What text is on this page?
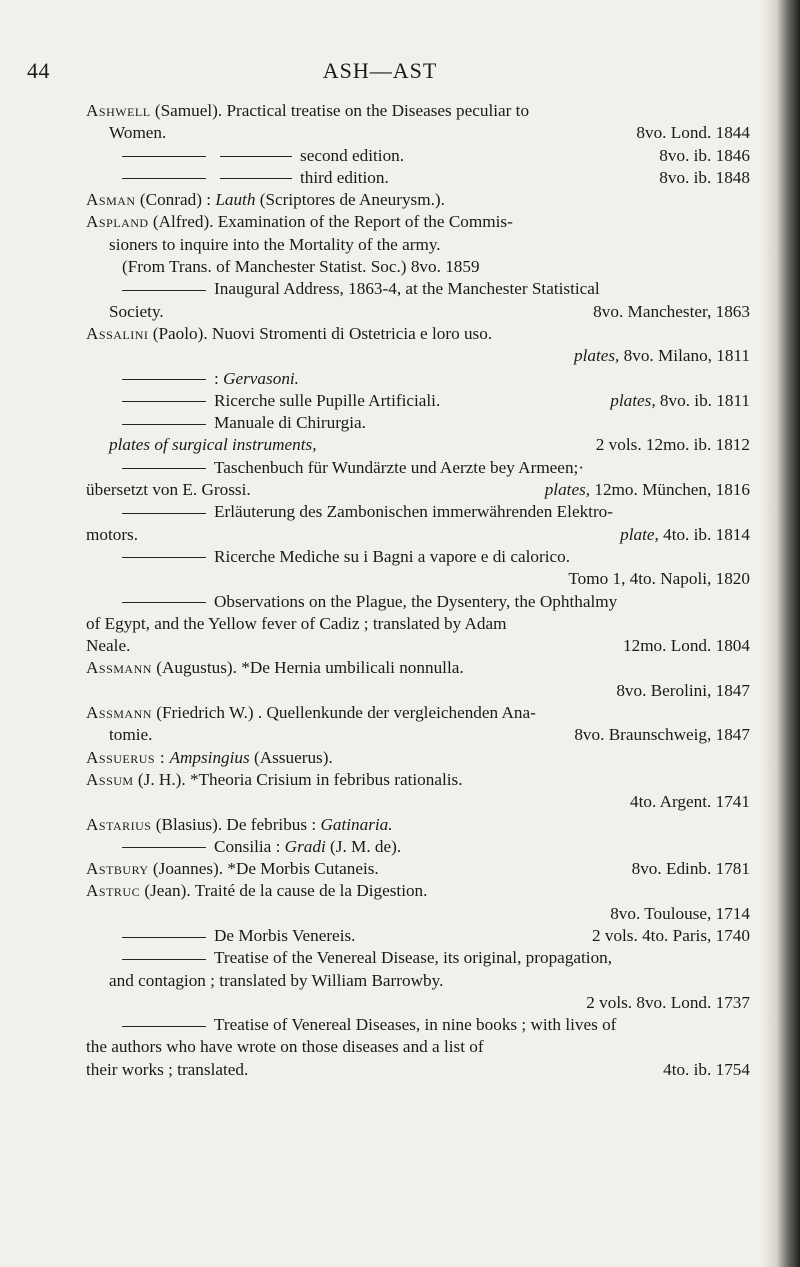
44	ASH—AST
Ashwell (Samuel). Practical treatise on the Diseases peculiar to
Women.	8vo. Lond. 1844
second edition.	8vo. ib. 1846
third edition.	8vo. ib. 1848
Asman (Conrad) : Lauth (Scriptores de Aneurysm.).
Aspland (Alfred). Examination of the Report of the Commis-
sioners to inquire into the Mortality of the army.
(From Trans. of Manchester Statist. Soc.) 8vo. 1859
Inaugural Address, 1863-4, at the Manchester Statistical
Society.	8vo. Manchester, 1863
Assalini (Paolo). Nuovi Stromenti di Ostetricia e loro uso.
plates, 8vo. Milano, 1811
: Gervasoni.
Ricerche sulle Pupille Artificiali.	plates, 8vo. ib. 1811
Manuale di Chirurgia.
plates of surgical instruments,	2 vols. 12mo. ib. 1812
Taschenbuch für Wundärzte und Aerzte bey Armeen;·
übersetzt von E. Grossi.	plates, 12mo. München, 1816
Erläuterung des Zambonischen immerwährenden Elektro-
motors.	plate, 4to. ib. 1814
Ricerche Mediche su i Bagni a vapore e di calorico.
Tomo 1, 4to. Napoli, 1820
Observations on the Plague, the Dysentery, the Ophthalmy
of Egypt, and the Yellow fever of Cadiz ; translated by Adam
Neale.	12mo. Lond. 1804
Assmann (Augustus). *De Hernia umbilicali nonnulla.
8vo. Berolini, 1847
Assmann (Friedrich W.) . Quellenkunde der vergleichenden Ana-
tomie.	8vo. Braunschweig, 1847
Assuerus : Ampsingius (Assuerus).
Assum (J. H.). *Theoria Crisium in febribus rationalis.
4to. Argent. 1741
Astarius (Blasius). De febribus : Gatinaria.
Consilia : Gradi (J. M. de).
Astbury (Joannes). *De Morbis Cutaneis.	8vo. Edinb. 1781
Astruc (Jean). Traité de la cause de la Digestion.
8vo. Toulouse, 1714
De Morbis Venereis.	2 vols. 4to. Paris, 1740
Treatise of the Venereal Disease, its original, propagation,
and contagion ; translated by William Barrowby.
2 vols. 8vo. Lond. 1737
Treatise of Venereal Diseases, in nine books ; with lives of
the authors who have wrote on those diseases and a list of
their works ; translated.	4to. ib. 1754
